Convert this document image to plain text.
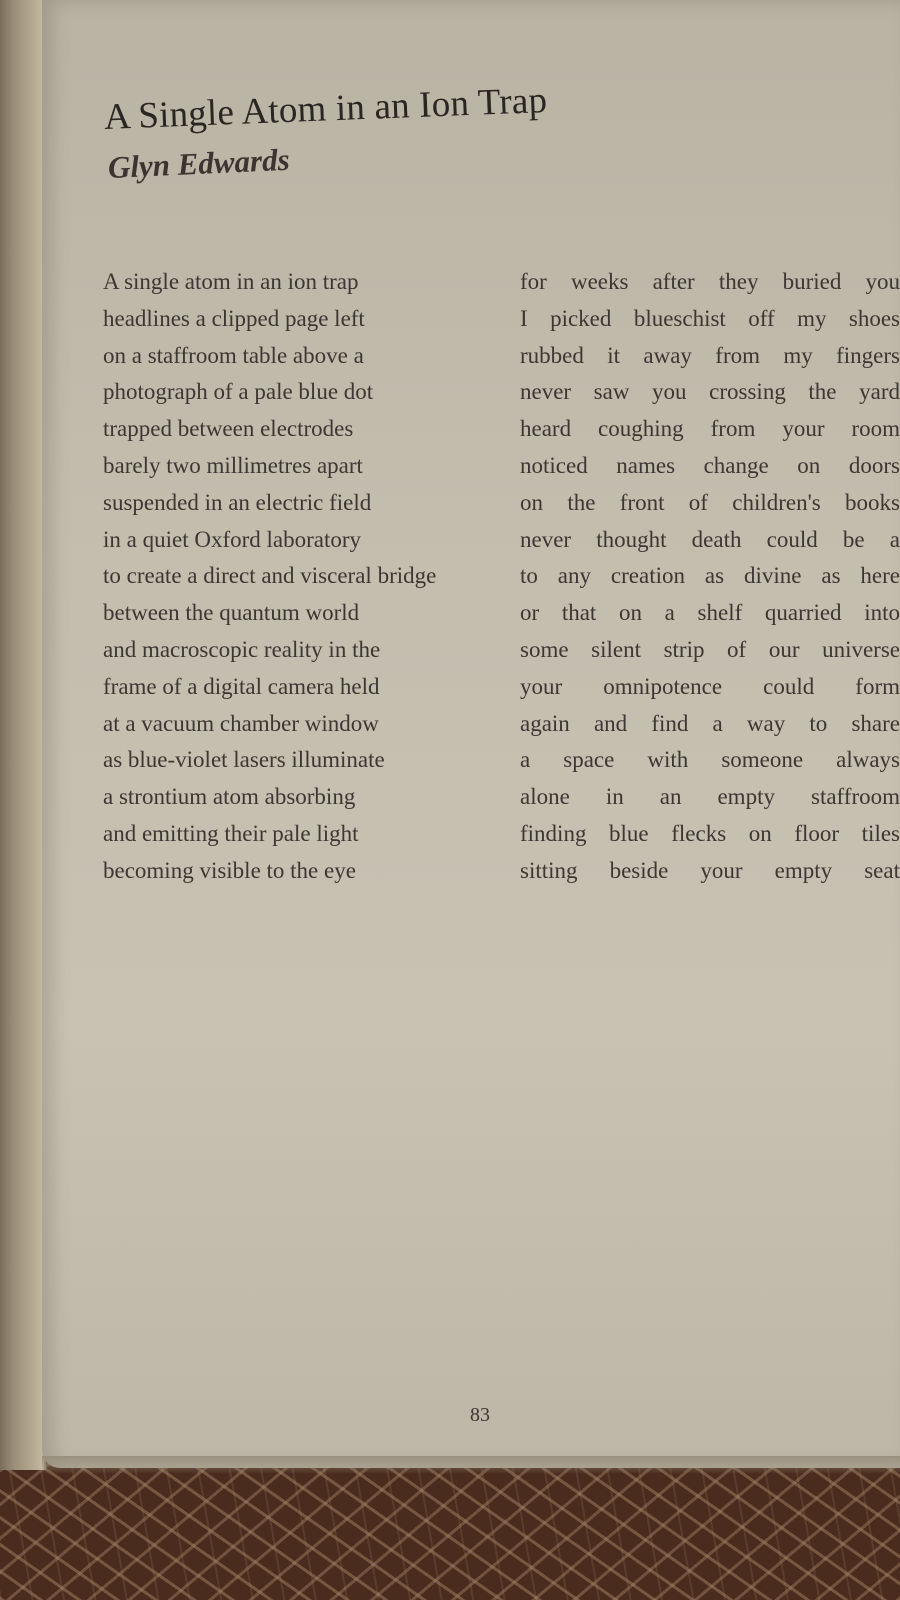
A Single Atom in an Ion Trap
Glyn Edwards
A single atom in an ion trap
headlines a clipped page left
on a staffroom table above a
photograph of a pale blue dot
trapped between electrodes
barely two millimetres apart
suspended in an electric field
in a quiet Oxford laboratory
to create a direct and visceral bridge
between the quantum world
and macroscopic reality in the
frame of a digital camera held
at a vacuum chamber window
as blue-violet lasers illuminate
a strontium atom absorbing
and emitting their pale light
becoming visible to the eye
for weeks after they buried you
I picked blueschist off my shoes
rubbed it away from my fingers
never saw you crossing the yard
heard coughing from your room
noticed names change on doors
on the front of children's books
never thought death could be a
to any creation as divine as here
or that on a shelf quarried into
some silent strip of our universe
your omnipotence could form
again and find a way to share
a space with someone always
alone in an empty staffroom
finding blue flecks on floor tiles
sitting beside your empty seat
83
